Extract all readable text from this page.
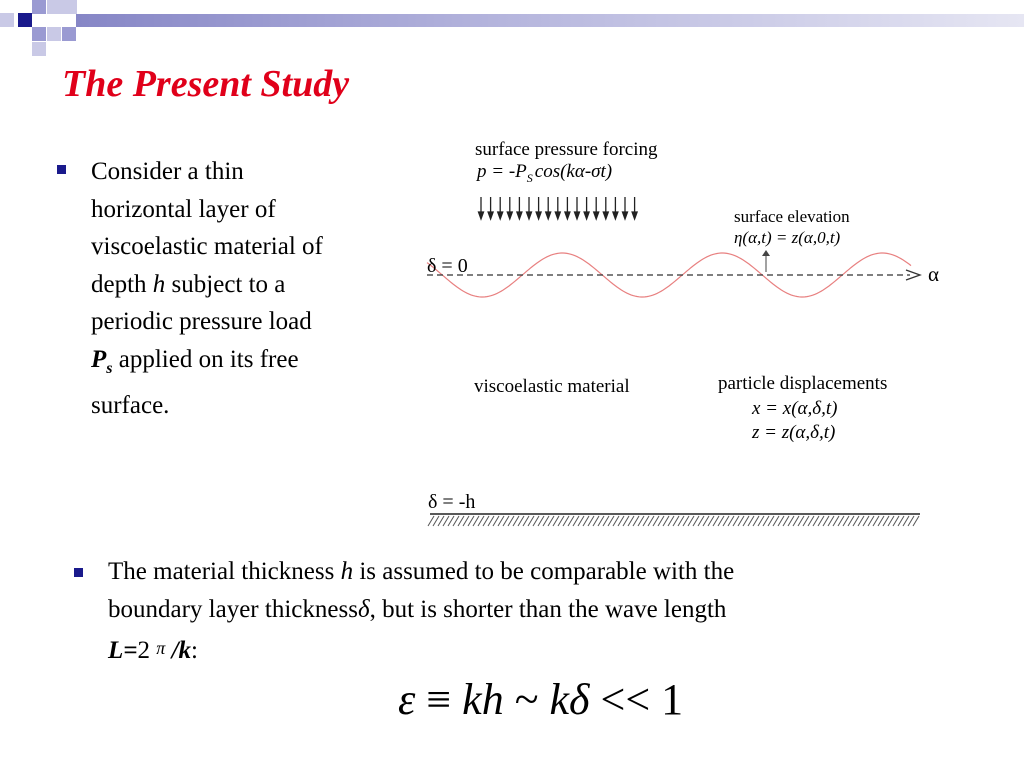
The Present Study
Consider a thin
horizontal layer of
viscoelastic material of
depth h subject to a
periodic pressure load
$P_s$ applied on its free
surface.
surface pressure forcing
$p = -P_S$ cos(kα-σt)
surface elevation
η(α,t) = z(α,0,t)
δ = 0	α
viscoelastic material	particle displacements
x = x(α,δ,t)
z = z(α,δ,t)
δ = -h
The material thickness h is assumed to be comparable with the
boundary layer thicknessδ, but is shorter than the wave length
L=2 π /k:
ε ≡ kh ~ kδ << 1
